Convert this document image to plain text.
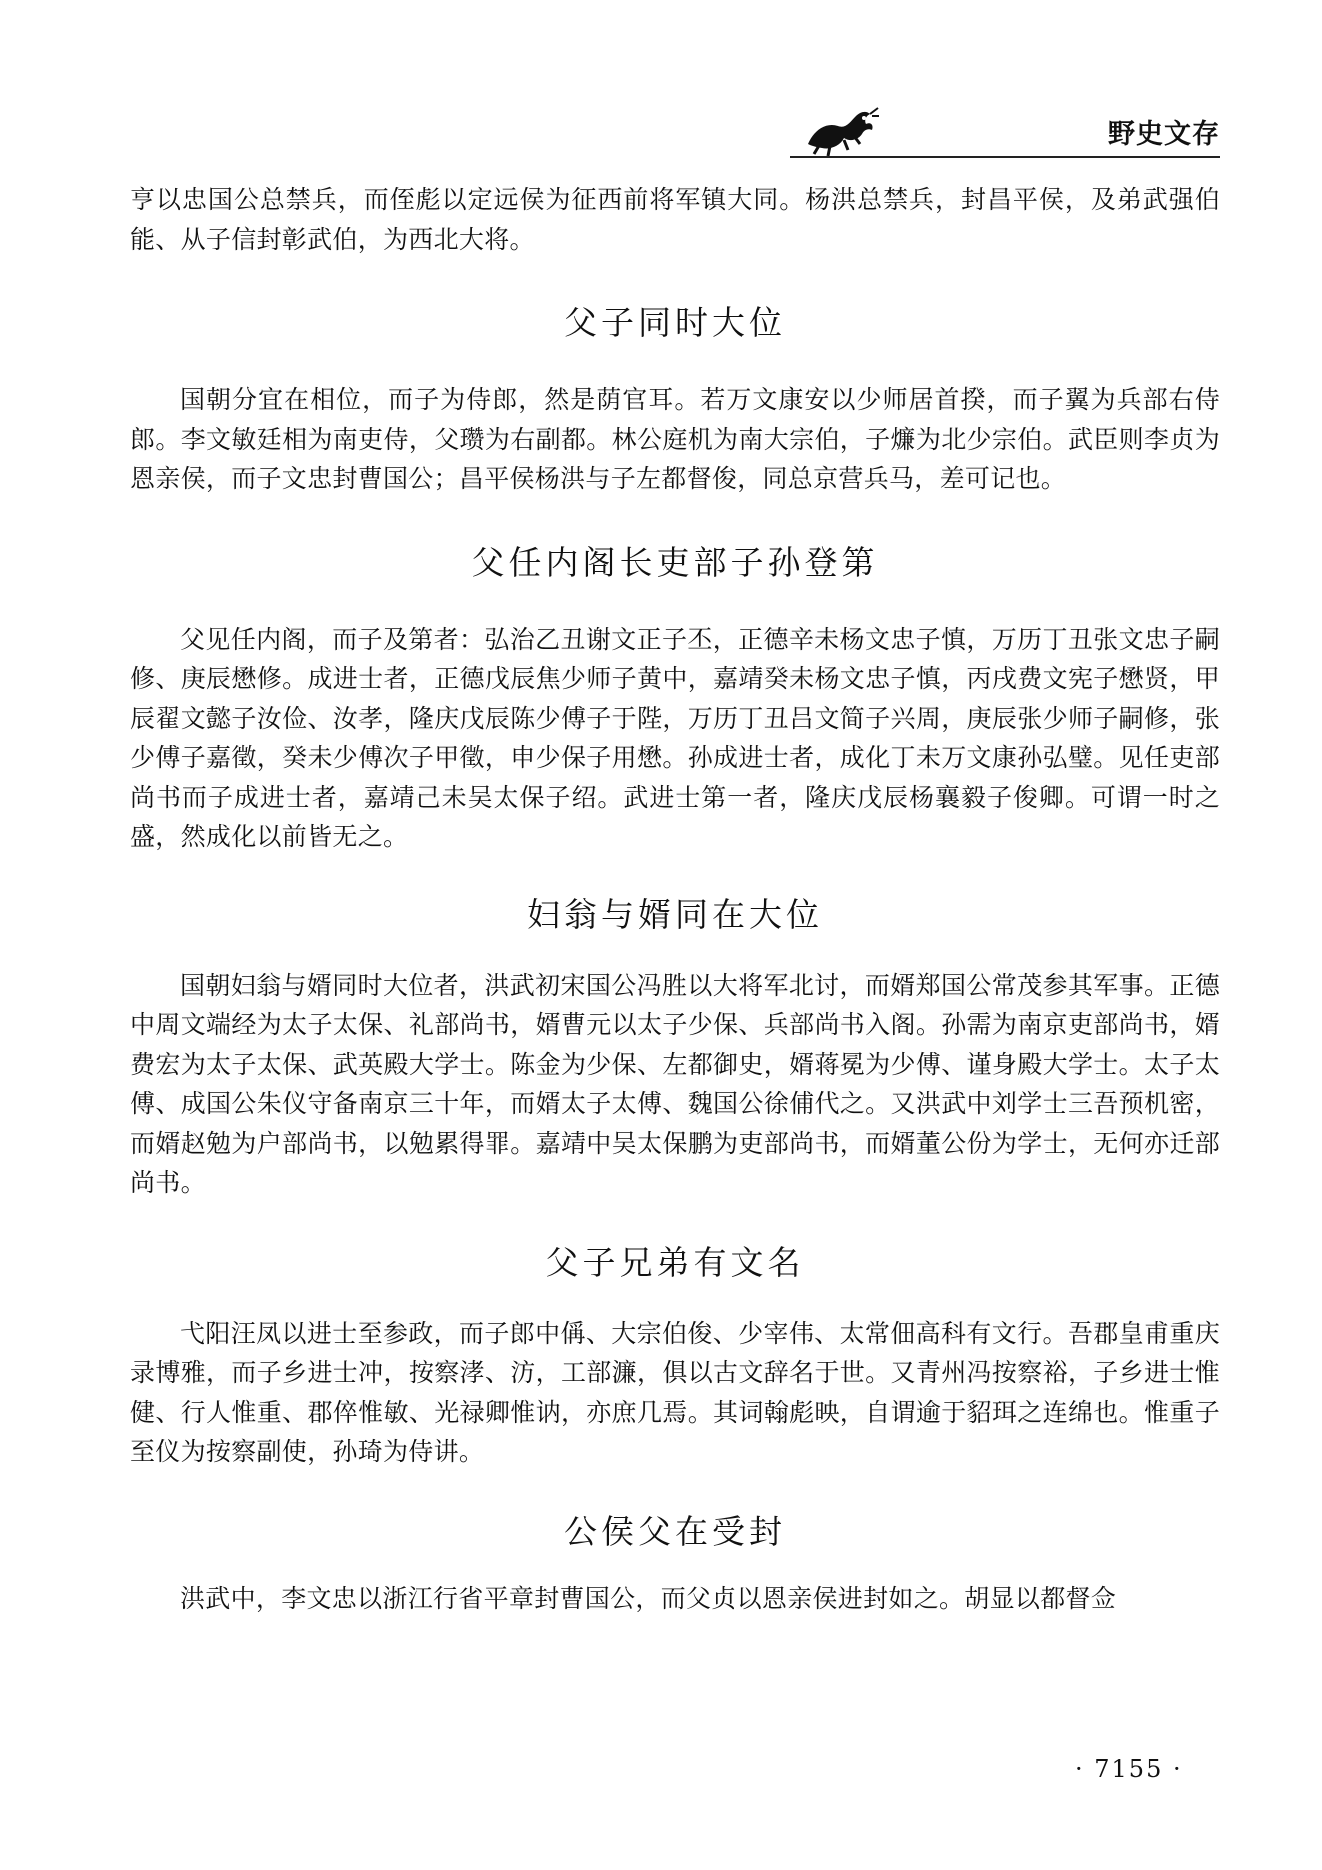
野史文存

亨以忠国公总禁兵，而侄彪以定远侯为征西前将军镇大同。杨洪总禁兵，封昌平侯，及弟武强伯能、从子信封彰武伯，为西北大将。

父子同时大位

国朝分宜在相位，而子为侍郎，然是荫官耳。若万文康安以少师居首揆，而子翼为兵部右侍郎。李文敏廷相为南吏侍，父瓒为右副都。林公庭机为南大宗伯，子燫为北少宗伯。武臣则李贞为恩亲侯，而子文忠封曹国公；昌平侯杨洪与子左都督俊，同总京营兵马，差可记也。

父任内阁长吏部子孙登第

父见任内阁，而子及第者：弘治乙丑谢文正子丕，正德辛未杨文忠子慎，万历丁丑张文忠子嗣修、庚辰懋修。成进士者，正德戊辰焦少师子黄中，嘉靖癸未杨文忠子慎，丙戌费文宪子懋贤，甲辰翟文懿子汝俭、汝孝，隆庆戊辰陈少傅子于陛，万历丁丑吕文简子兴周，庚辰张少师子嗣修，张少傅子嘉徵，癸未少傅次子甲徵，申少保子用懋。孙成进士者，成化丁未万文康孙弘璧。见任吏部尚书而子成进士者，嘉靖己未吴太保子绍。武进士第一者，隆庆戊辰杨襄毅子俊卿。可谓一时之盛，然成化以前皆无之。

妇翁与婿同在大位

国朝妇翁与婿同时大位者，洪武初宋国公冯胜以大将军北讨，而婿郑国公常茂参其军事。正德中周文端经为太子太保、礼部尚书，婿曹元以太子少保、兵部尚书入阁。孙需为南京吏部尚书，婿费宏为太子太保、武英殿大学士。陈金为少保、左都御史，婿蒋冕为少傅、谨身殿大学士。太子太傅、成国公朱仪守备南京三十年，而婿太子太傅、魏国公徐俌代之。又洪武中刘学士三吾预机密，而婿赵勉为户部尚书，以勉累得罪。嘉靖中吴太保鹏为吏部尚书，而婿董公份为学士，无何亦迁部尚书。

父子兄弟有文名

弋阳汪凤以进士至参政，而子郎中偁、大宗伯俊、少宰伟、太常佃高科有文行。吾郡皇甫重庆录博雅，而子乡进士冲，按察涍、汸，工部濂，俱以古文辞名于世。又青州冯按察裕，子乡进士惟健、行人惟重、郡倅惟敏、光禄卿惟讷，亦庶几焉。其词翰彪映，自谓逾于貂珥之连绵也。惟重子至仪为按察副使，孙琦为侍讲。

公侯父在受封

洪武中，李文忠以浙江行省平章封曹国公，而父贞以恩亲侯进封如之。胡显以都督佥

· 7155 ·
